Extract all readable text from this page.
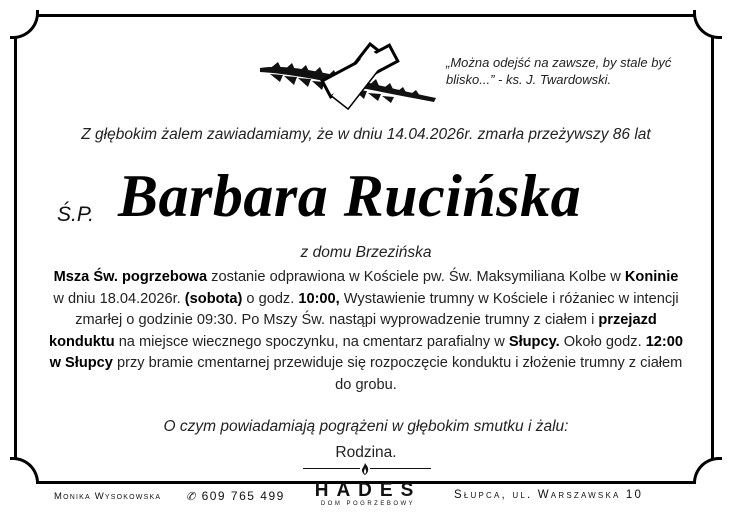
„Można odejść na zawsze, by stale być blisko...” - ks. J. Twardowski.
Z głębokim żalem zawiadamiamy, że w dniu 14.04.2026r. zmarła przeżywszy 86 lat
Ś.P. Barbara Rucińska
z domu Brzezińska
Msza Św. pogrzebowa zostanie odprawiona w Kościele pw. Św. Maksymiliana Kolbe w Koninie w dniu 18.04.2026r. (sobota) o godz. 10:00, Wystawienie trumny w Kościele i różaniec w intencji zmarłej o godzinie 09:30. Po Mszy Św. nastąpi wyprowadzenie trumny z ciałem i przejazd konduktu na miejsce wiecznego spoczynku, na cmentarz parafialny w Słupcy. Około godz. 12:00 w Słupcy przy bramie cmentarnej przewiduje się rozpoczęcie konduktu i złożenie trumny z ciałem do grobu.
O czym powiadamiają pogrążeni w głębokim smutku i żalu:
Rodzina.
Monika Wysokowska ✆ 609 765 499	HADES
DOM POGRZEBOWY
Słupca, ul. Warszawska 10
